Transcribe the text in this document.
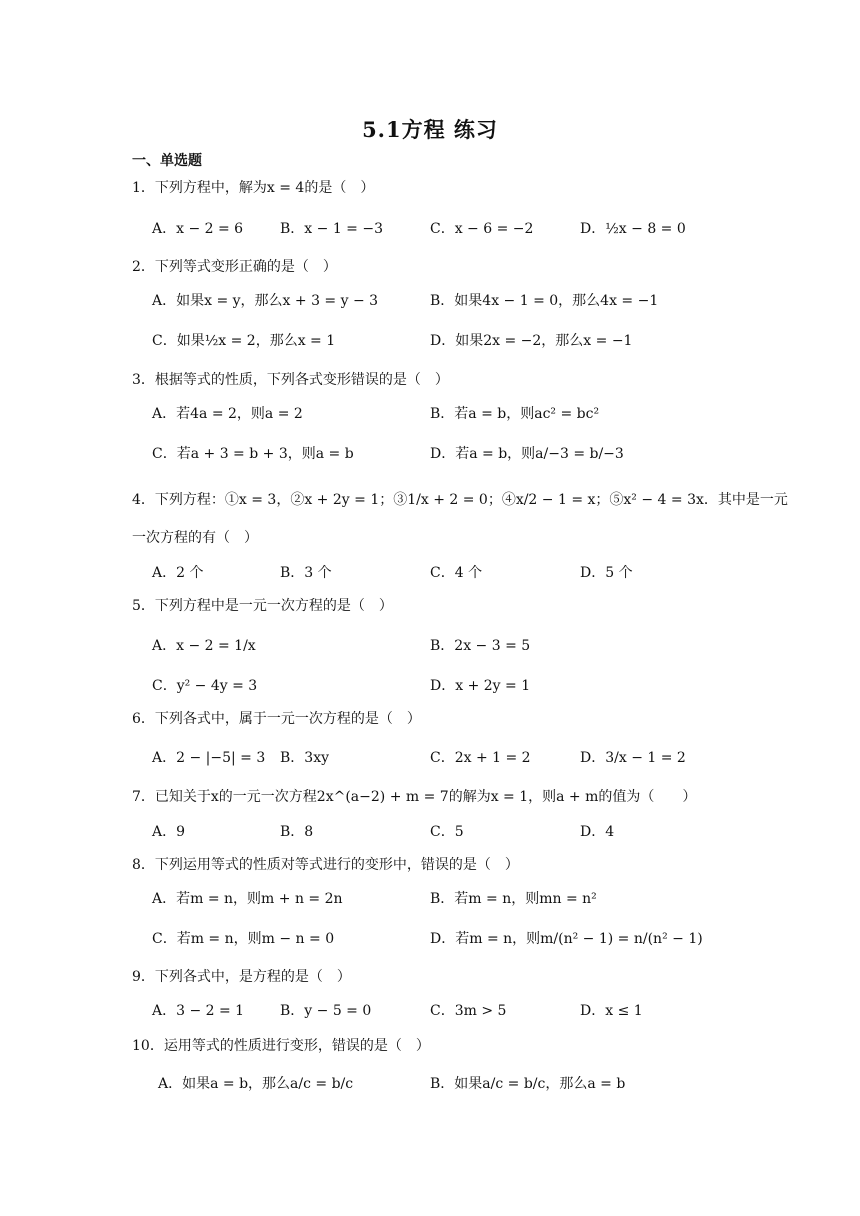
5.1方程 练习
一、单选题
1．下列方程中，解为x = 4的是（　）
A．x − 2 = 6	B．x − 1 = −3	C．x − 6 = −2	D．½x − 8 = 0
2．下列等式变形正确的是（　）
A．如果x = y，那么x + 3 = y − 3	B．如果4x − 1 = 0，那么4x = −1
C．如果½x = 2，那么x = 1	D．如果2x = −2，那么x = −1
3．根据等式的性质，下列各式变形错误的是（　）
A．若4a = 2，则a = 2	B．若a = b，则ac² = bc²
C．若a + 3 = b + 3，则a = b	D．若a = b，则a/−3 = b/−3
4．下列方程：①x = 3，②x + 2y = 1；③1/x + 2 = 0；④x/2 − 1 = x；⑤x² − 4 = 3x．其中是一元
一次方程的有（　）
A．2 个	B．3 个	C．4 个	D．5 个
5．下列方程中是一元一次方程的是（　）
A．x − 2 = 1/x	B．2x − 3 = 5
C．y² − 4y = 3	D．x + 2y = 1
6．下列各式中，属于一元一次方程的是（　）
A．2 − |−5| = 3 B．3xy	C．2x + 1 = 2	D．3/x − 1 = 2
7．已知关于x的一元一次方程2x^(a−2) + m = 7的解为x = 1，则a + m的值为（　　）
A．9	B．8	C．5	D．4
8．下列运用等式的性质对等式进行的变形中，错误的是（　）
A．若m = n，则m + n = 2n	B．若m = n，则mn = n²
C．若m = n，则m − n = 0	D．若m = n，则m/(n² − 1) = n/(n² − 1)
9．下列各式中，是方程的是（　）
A．3 − 2 = 1	B．y − 5 = 0	C．3m > 5	D．x ≤ 1
10．运用等式的性质进行变形，错误的是（　）
A．如果a = b，那么a/c = b/c	B．如果a/c = b/c，那么a = b
